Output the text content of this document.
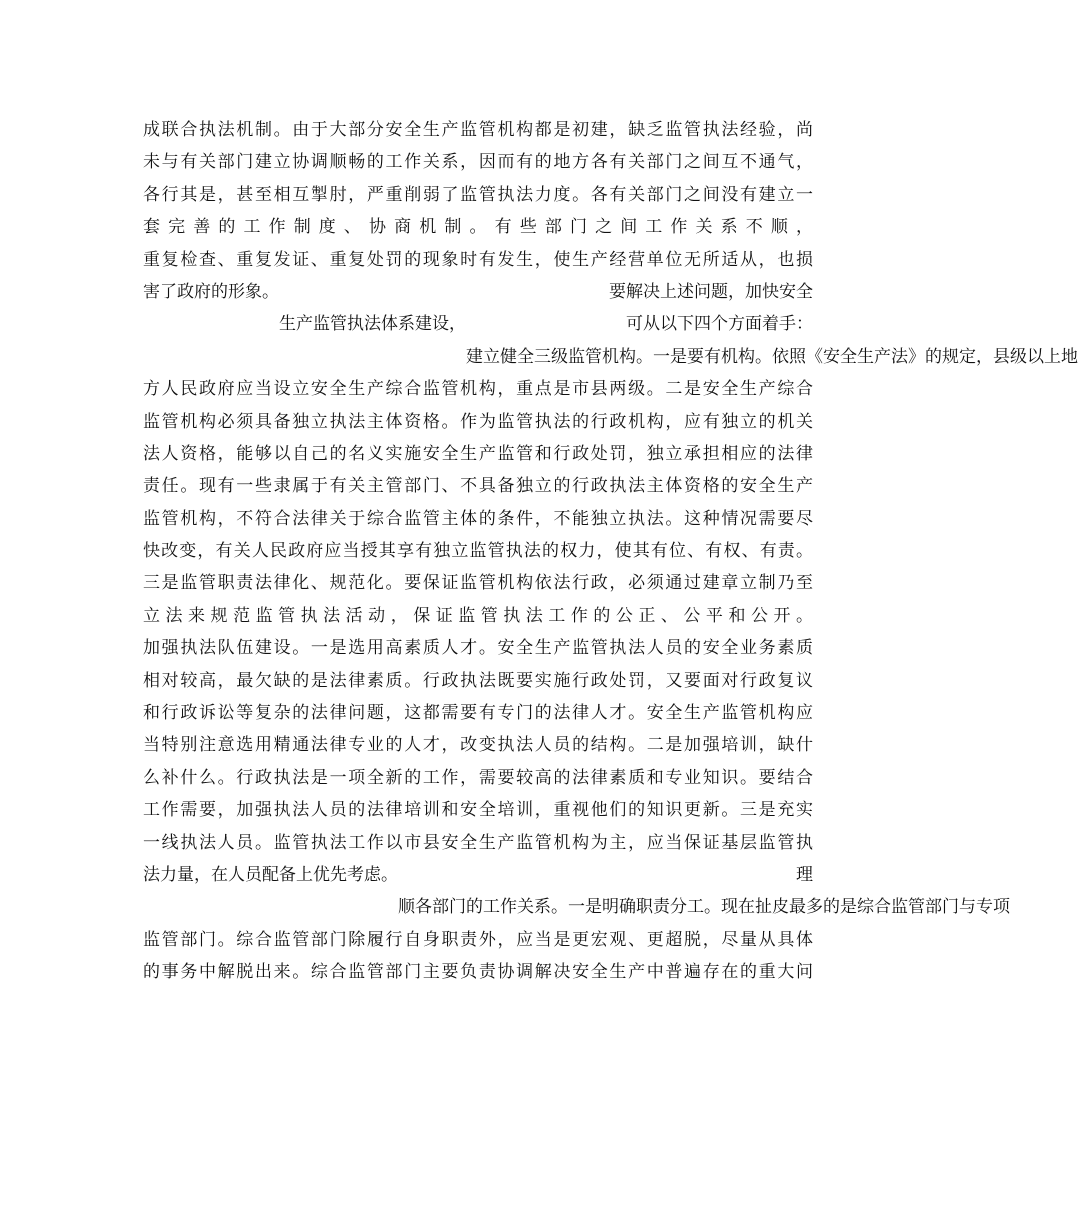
成联合执法机制。由于大部分安全生产监管机构都是初建，缺乏监管执法经验，尚
未与有关部门建立协调顺畅的工作关系，因而有的地方各有关部门之间互不通气，
各行其是，甚至相互掣肘，严重削弱了监管执法力度。各有关部门之间没有建立一
套完善的工作制度、协商机制。有些部门之间工作关系不顺，
重复检查、重复发证、重复处罚的现象时有发生，使生产经营单位无所适从，也损
害了政府的形象。	要解决上述问题，加快安全
生产监管执法体系建设，	可从以下四个方面着手：
建立健全三级监管机构。一是要有机构。依照《安全生产法》的规定，县级以上地
方人民政府应当设立安全生产综合监管机构，重点是市县两级。二是安全生产综合
监管机构必须具备独立执法主体资格。作为监管执法的行政机构，应有独立的机关
法人资格，能够以自己的名义实施安全生产监管和行政处罚，独立承担相应的法律
责任。现有一些隶属于有关主管部门、不具备独立的行政执法主体资格的安全生产
监管机构，不符合法律关于综合监管主体的条件，不能独立执法。这种情况需要尽
快改变，有关人民政府应当授其享有独立监管执法的权力，使其有位、有权、有责。
三是监管职责法律化、规范化。要保证监管机构依法行政，必须通过建章立制乃至
立法来规范监管执法活动，保证监管执法工作的公正、公平和公开。
加强执法队伍建设。一是选用高素质人才。安全生产监管执法人员的安全业务素质
相对较高，最欠缺的是法律素质。行政执法既要实施行政处罚，又要面对行政复议
和行政诉讼等复杂的法律问题，这都需要有专门的法律人才。安全生产监管机构应
当特别注意选用精通法律专业的人才，改变执法人员的结构。二是加强培训，缺什
么补什么。行政执法是一项全新的工作，需要较高的法律素质和专业知识。要结合
工作需要，加强执法人员的法律培训和安全培训，重视他们的知识更新。三是充实
一线执法人员。监管执法工作以市县安全生产监管机构为主，应当保证基层监管执
法力量，在人员配备上优先考虑。	理
顺各部门的工作关系。一是明确职责分工。现在扯皮最多的是综合监管部门与专项
监管部门。综合监管部门除履行自身职责外，应当是更宏观、更超脱，尽量从具体
的事务中解脱出来。综合监管部门主要负责协调解决安全生产中普遍存在的重大问
